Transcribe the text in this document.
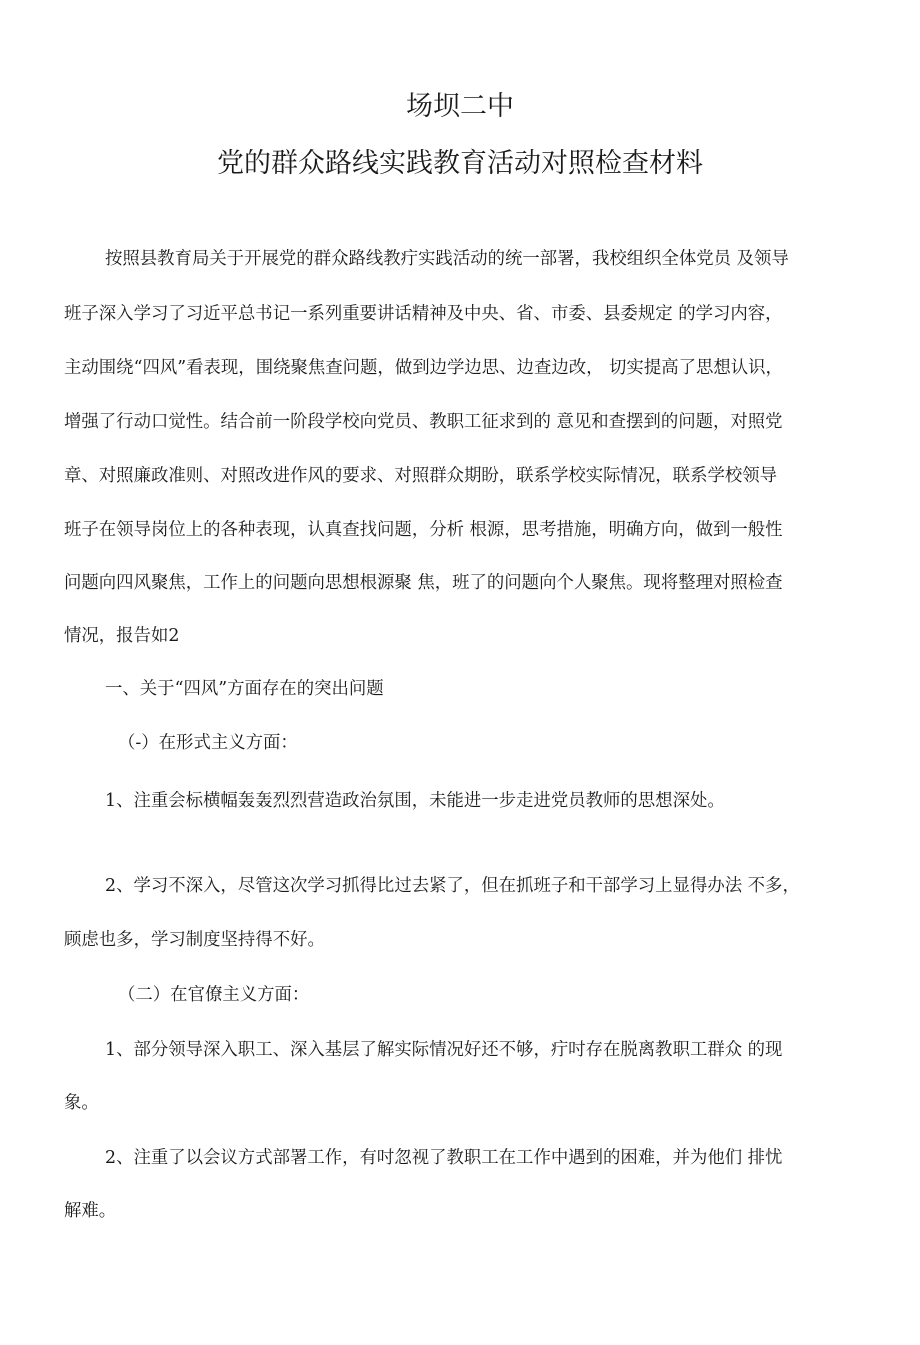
场坝二中
党的群众路线实践教育活动对照检查材料
按照县教育局关于开展党的群众路线教疔实践活动的统一部署，我校组织全体党员 及领导
班子深入学习了习近平总书记一系列重要讲话精神及中央、省、市委、县委规定 的学习内容，
主动围绕“四风”看表现，围绕聚焦查问题，做到边学边思、边查边改， 切实提高了思想认识，
增强了行动口觉性。结合前一阶段学校向党员、教职工征求到的 意见和查摆到的问题，对照党
章、对照廉政准则、对照改进作风的要求、对照群众期盼，联系学校实际情况，联系学校领导
班子在领导岗位上的各种表现，认真查找问题，分析 根源，思考措施，明确方向，做到一般性
问题向四风聚焦，工作上的问题向思想根源聚 焦，班了的问题向个人聚焦。现将整理对照检查
情况，报告如2
一、关于“四风”方面存在的突出问题
（-）在形式主义方面：
1、注重会标横幅轰轰烈烈营造政治氛围，未能进一步走进党员教师的思想深处。
2、学习不深入，尽管这次学习抓得比过去紧了，但在抓班子和干部学习上显得办法 不多，
顾虑也多，学习制度坚持得不好。
（二）在官僚主义方面：
1、部分领导深入职工、深入基层了解实际情况好还不够，疔吋存在脱离教职工群众 的现
象。
2、注重了以会议方式部署工作，有吋忽视了教职工在工作中遇到的困难，并为他们 排忧
解难。
